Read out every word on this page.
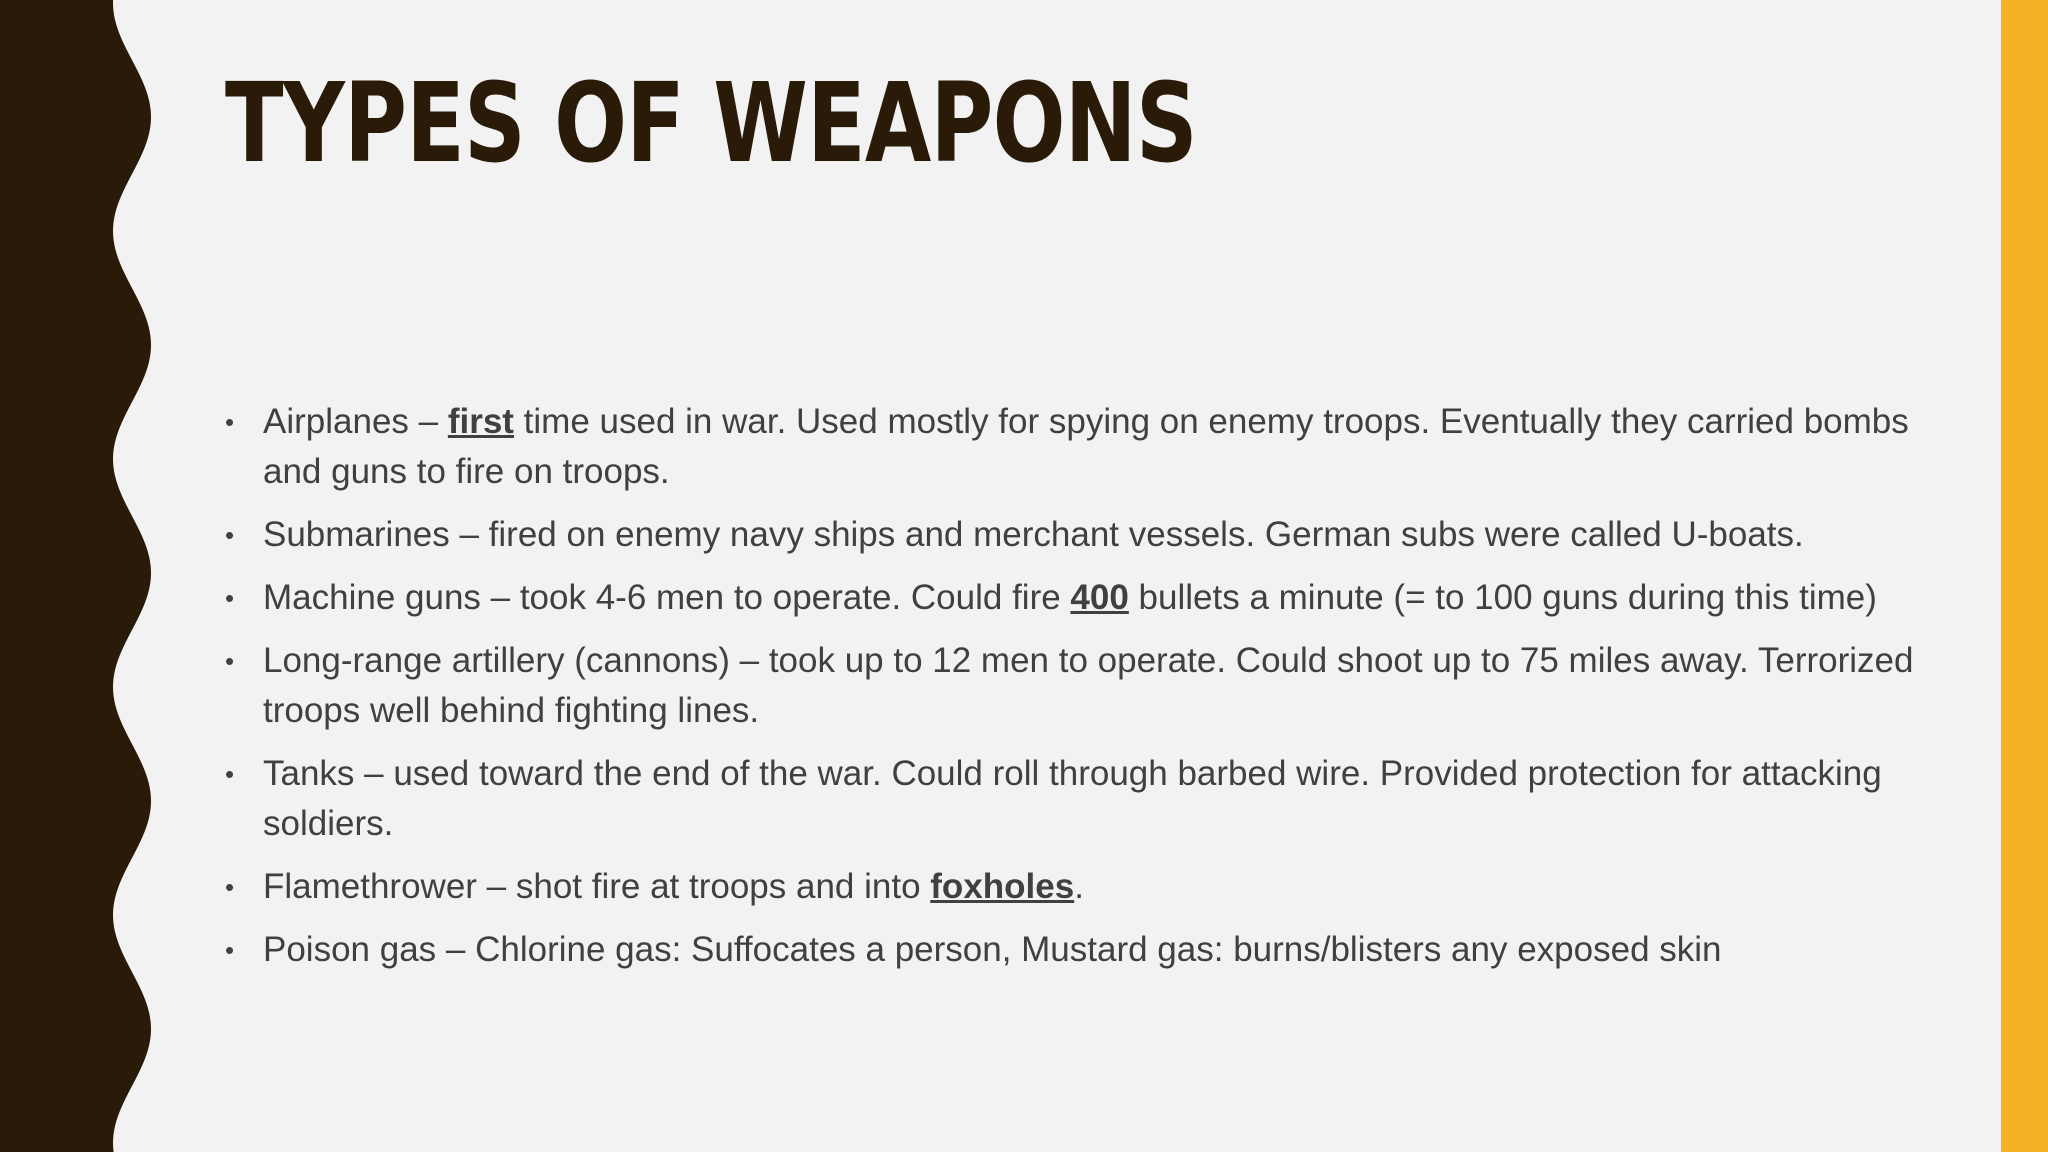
TYPES OF WEAPONS
• Airplanes – first time used in war. Used mostly for spying on enemy troops. Eventually they carried bombs and guns to fire on troops.
• Submarines – fired on enemy navy ships and merchant vessels. German subs were called U-boats.
• Machine guns – took 4-6 men to operate. Could fire 400 bullets a minute (= to 100 guns during this time)
• Long-range artillery (cannons) – took up to 12 men to operate. Could shoot up to 75 miles away. Terrorized troops well behind fighting lines.
• Tanks – used toward the end of the war. Could roll through barbed wire. Provided protection for attacking soldiers.
• Flamethrower – shot fire at troops and into foxholes.
• Poison gas – Chlorine gas: Suffocates a person, Mustard gas: burns/blisters any exposed skin
